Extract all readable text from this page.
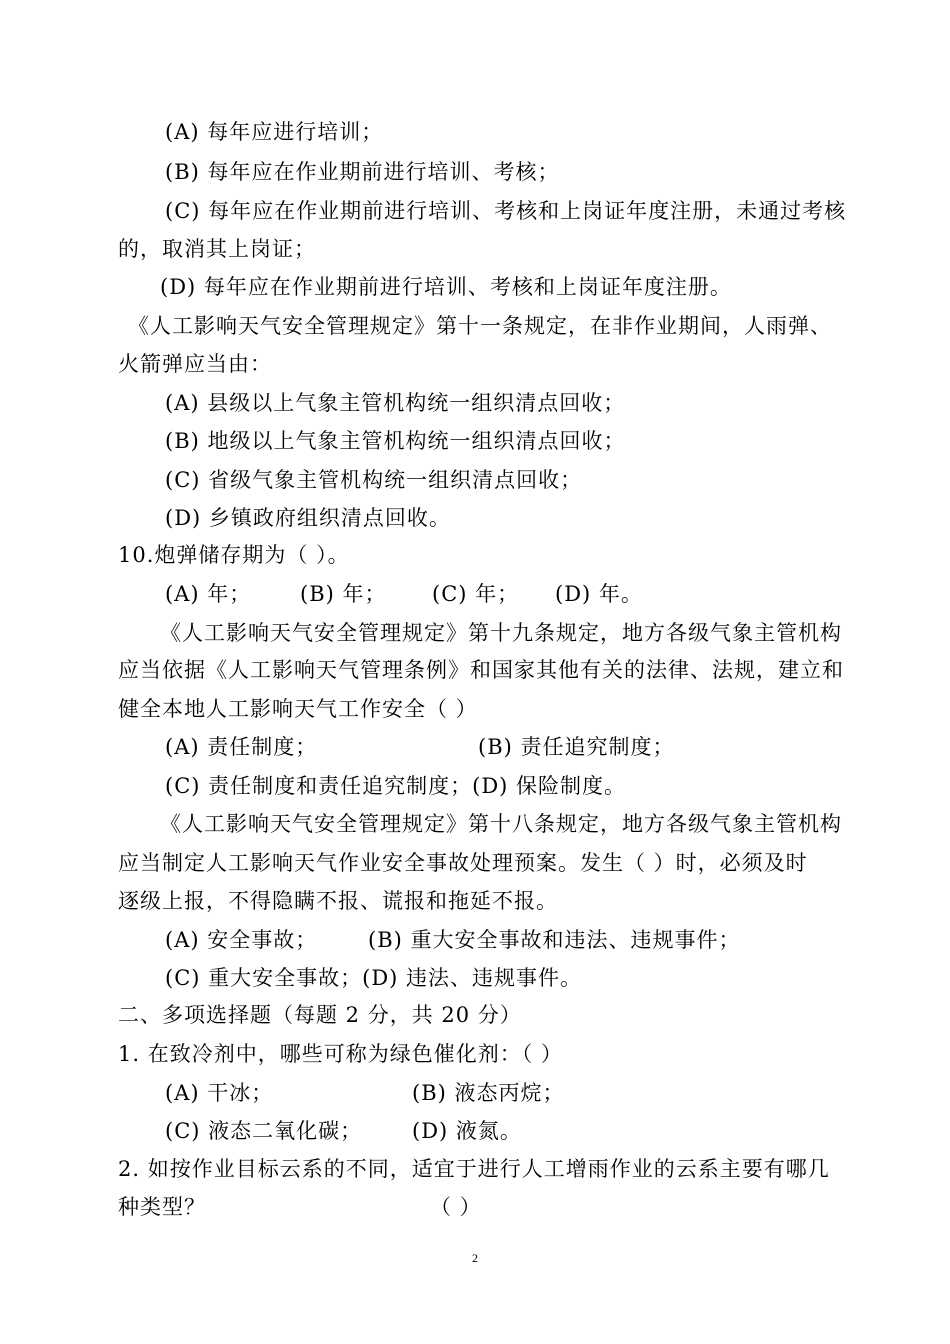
(A) 每年应进行培训；
(B) 每年应在作业期前进行培训、考核；
(C) 每年应在作业期前进行培训、考核和上岗证年度注册，未通过考核
的，取消其上岗证；
(D) 每年应在作业期前进行培训、考核和上岗证年度注册。
《人工影响天气安全管理规定》第十一条规定，在非作业期间，人雨弹、
火箭弹应当由：
(A) 县级以上气象主管机构统一组织清点回收；
(B) 地级以上气象主管机构统一组织清点回收；
(C) 省级气象主管机构统一组织清点回收；
(D) 乡镇政府组织清点回收。
10.炮弹储存期为（ ）。
(A) 年； (B) 年； (C) 年； (D) 年。
《人工影响天气安全管理规定》第十九条规定，地方各级气象主管机构
应当依据《人工影响天气管理条例》和国家其他有关的法律、法规，建立和
健全本地人工影响天气工作安全（ ）
(A) 责任制度；	(B) 责任追究制度；
(C) 责任制度和责任追究制度；(D) 保险制度。
《人工影响天气安全管理规定》第十八条规定，地方各级气象主管机构
应当制定人工影响天气作业安全事故处理预案。发生（ ）时，必须及时
逐级上报，不得隐瞒不报、谎报和拖延不报。
(A) 安全事故； (B) 重大安全事故和违法、违规事件；
(C) 重大安全事故；(D) 违法、违规事件。
二、多项选择题（每题 2 分，共 20 分）
1. 在致冷剂中，哪些可称为绿色催化剂：（ ）
(A) 干冰；	(B) 液态丙烷；
(C) 液态二氧化碳； (D) 液氮。
2. 如按作业目标云系的不同，适宜于进行人工增雨作业的云系主要有哪几
种类型？	（ ）
2
